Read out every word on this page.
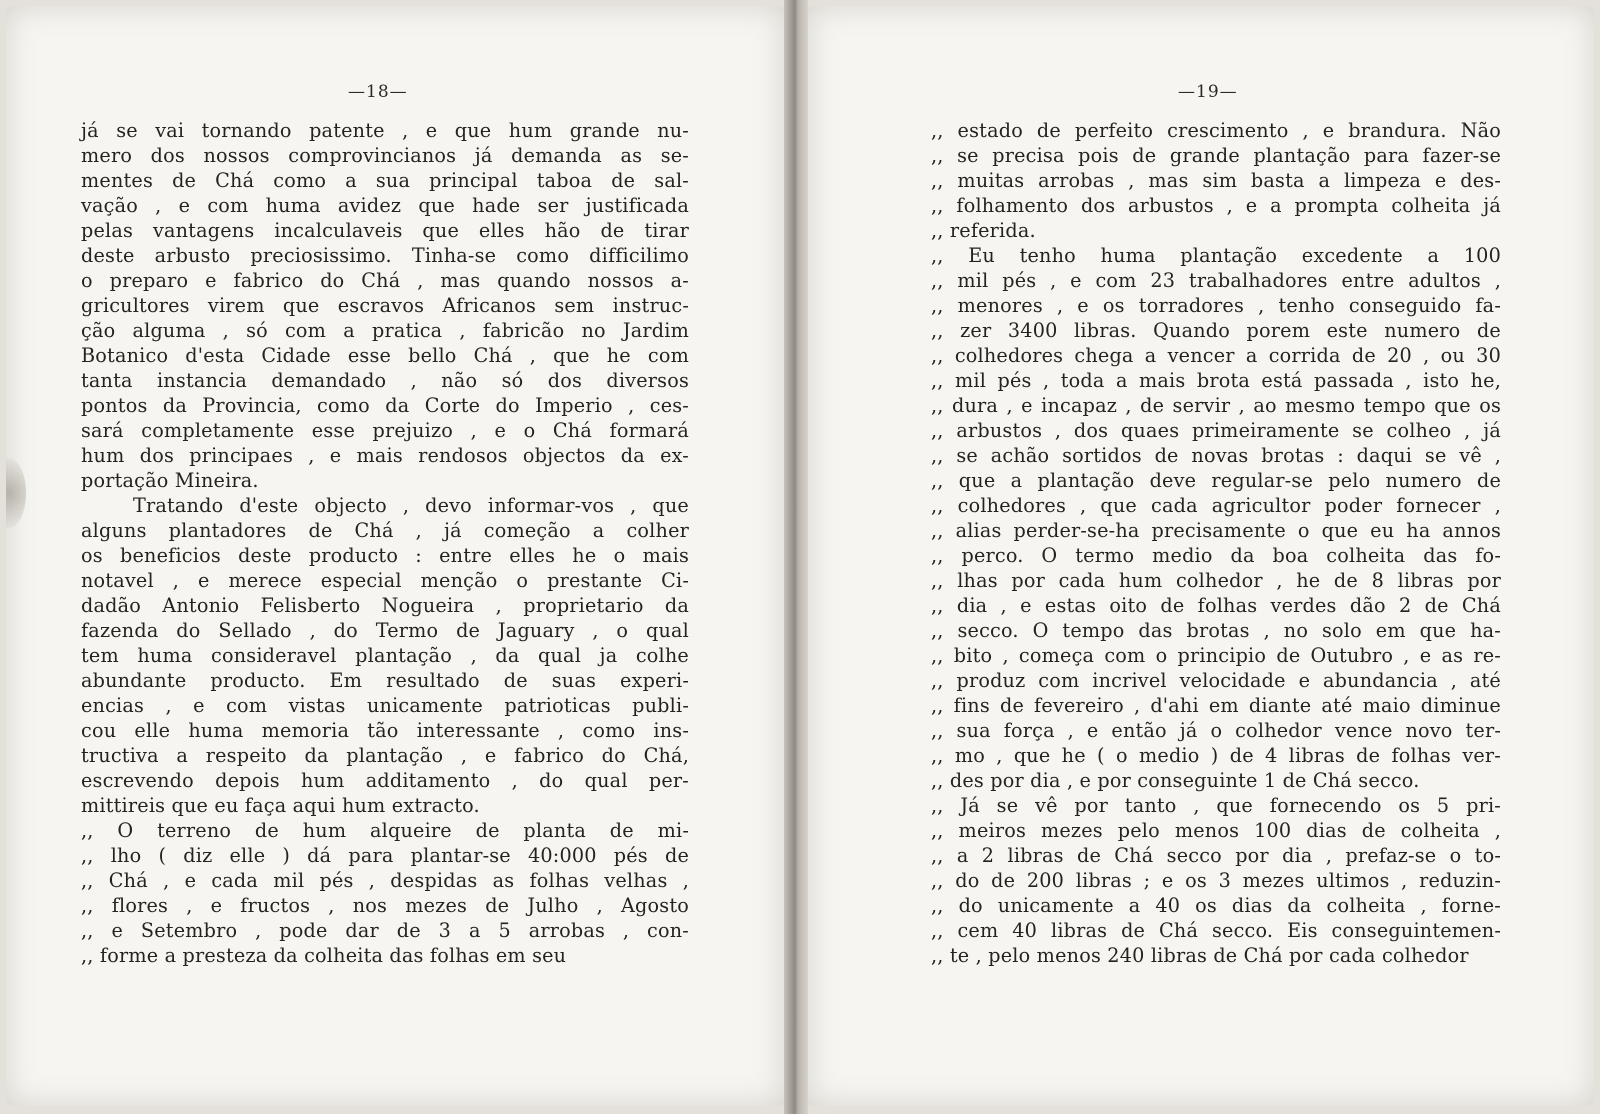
—18—
já se vai tornando patente , e que hum grande nu-
mero dos nossos comprovincianos já demanda as se-
mentes de Chá como a sua principal taboa de sal-
vação , e com huma avidez que hade ser justificada
pelas vantagens incalculaveis que elles hão de tirar
deste arbusto preciosissimo. Tinha-se como difficilimo
o preparo e fabrico do Chá , mas quando nossos a-
gricultores virem que escravos Africanos sem instruc-
ção alguma , só com a pratica , fabricão no Jardim
Botanico d'esta Cidade esse bello Chá , que he com
tanta instancia demandado , não só dos diversos
pontos da Provincia, como da Corte do Imperio , ces-
sará completamente esse prejuizo , e o Chá formará
hum dos principaes , e mais rendosos objectos da ex-
portação Mineira.
Tratando d'este objecto , devo informar-vos , que
alguns plantadores de Chá , já começão a colher
os beneficios deste producto : entre elles he o mais
notavel , e merece especial menção o prestante Ci-
dadão Antonio Felisberto Nogueira , proprietario da
fazenda do Sellado , do Termo de Jaguary , o qual
tem huma consideravel plantação , da qual ja colhe
abundante producto. Em resultado de suas experi-
encias , e com vistas unicamente patrioticas publi-
cou elle huma memoria tão interessante , como ins-
tructiva a respeito da plantação , e fabrico do Chá,
escrevendo depois hum additamento , do qual per-
mittireis que eu faça aqui hum extracto.
,, O terreno de hum alqueire de planta de mi-
,, lho ( diz elle ) dá para plantar-se 40:000 pés de
,, Chá , e cada mil pés , despidas as folhas velhas ,
,, flores , e fructos , nos mezes de Julho , Agosto
,, e Setembro , pode dar de 3 a 5 arrobas , con-
,, forme a presteza da colheita das folhas em seu
—19—
,, estado de perfeito crescimento , e brandura. Não
,, se precisa pois de grande plantação para fazer-se
,, muitas arrobas , mas sim basta a limpeza e des-
,, folhamento dos arbustos , e a prompta colheita já
,, referida.
,, Eu tenho huma plantação excedente a 100
,, mil pés , e com 23 trabalhadores entre adultos ,
,, menores , e os torradores , tenho conseguido fa-
,, zer 3400 libras. Quando porem este numero de
,, colhedores chega a vencer a corrida de 20 , ou 30
,, mil pés , toda a mais brota está passada , isto he,
,, dura , e incapaz , de servir , ao mesmo tempo que os
,, arbustos , dos quaes primeiramente se colheo , já
,, se achão sortidos de novas brotas : daqui se vê ,
,, que a plantação deve regular-se pelo numero de
,, colhedores , que cada agricultor poder fornecer ,
,, alias perder-se-ha precisamente o que eu ha annos
,, perco. O termo medio da boa colheita das fo-
,, lhas por cada hum colhedor , he de 8 libras por
,, dia , e estas oito de folhas verdes dão 2 de Chá
,, secco. O tempo das brotas , no solo em que ha-
,, bito , começa com o principio de Outubro , e as re-
,, produz com incrivel velocidade e abundancia , até
,, fins de fevereiro , d'ahi em diante até maio diminue
,, sua força , e então já o colhedor vence novo ter-
,, mo , que he ( o medio ) de 4 libras de folhas ver-
,, des por dia , e por conseguinte 1 de Chá secco.
,, Já se vê por tanto , que fornecendo os 5 pri-
,, meiros mezes pelo menos 100 dias de colheita ,
,, a 2 libras de Chá secco por dia , prefaz-se o to-
,, do de 200 libras ; e os 3 mezes ultimos , reduzin-
,, do unicamente a 40 os dias da colheita , forne-
,, cem 40 libras de Chá secco. Eis conseguintemen-
,, te , pelo menos 240 libras de Chá por cada colhedor
